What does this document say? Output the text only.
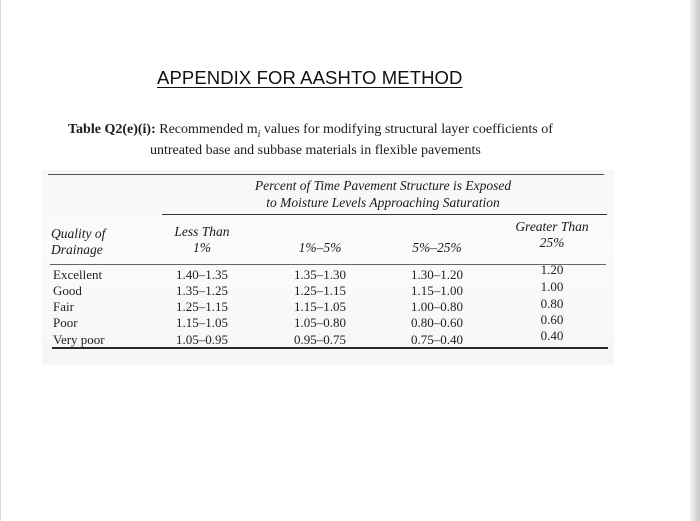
APPENDIX FOR AASHTO METHOD
Table Q2(e)(i): Recommended $m_i$ values for modifying structural layer coefficients of
untreated base and subbase materials in flexible pavements
Percent of Time Pavement Structure is Exposed
to Moisture Levels Approaching Saturation
Quality of
Drainage
Less Than
1%	1%–5%	5%–25%
Greater Than
25%
Excellent
Good
Fair
Poor
Very poor
1.40–1.35
1.35–1.25
1.25–1.15
1.15–1.05
1.05–0.95
1.35–1.30
1.25–1.15
1.15–1.05
1.05–0.80
0.95–0.75
1.30–1.20
1.15–1.00
1.00–0.80
0.80–0.60
0.75–0.40
1.20
1.00
0.80
0.60
0.40
